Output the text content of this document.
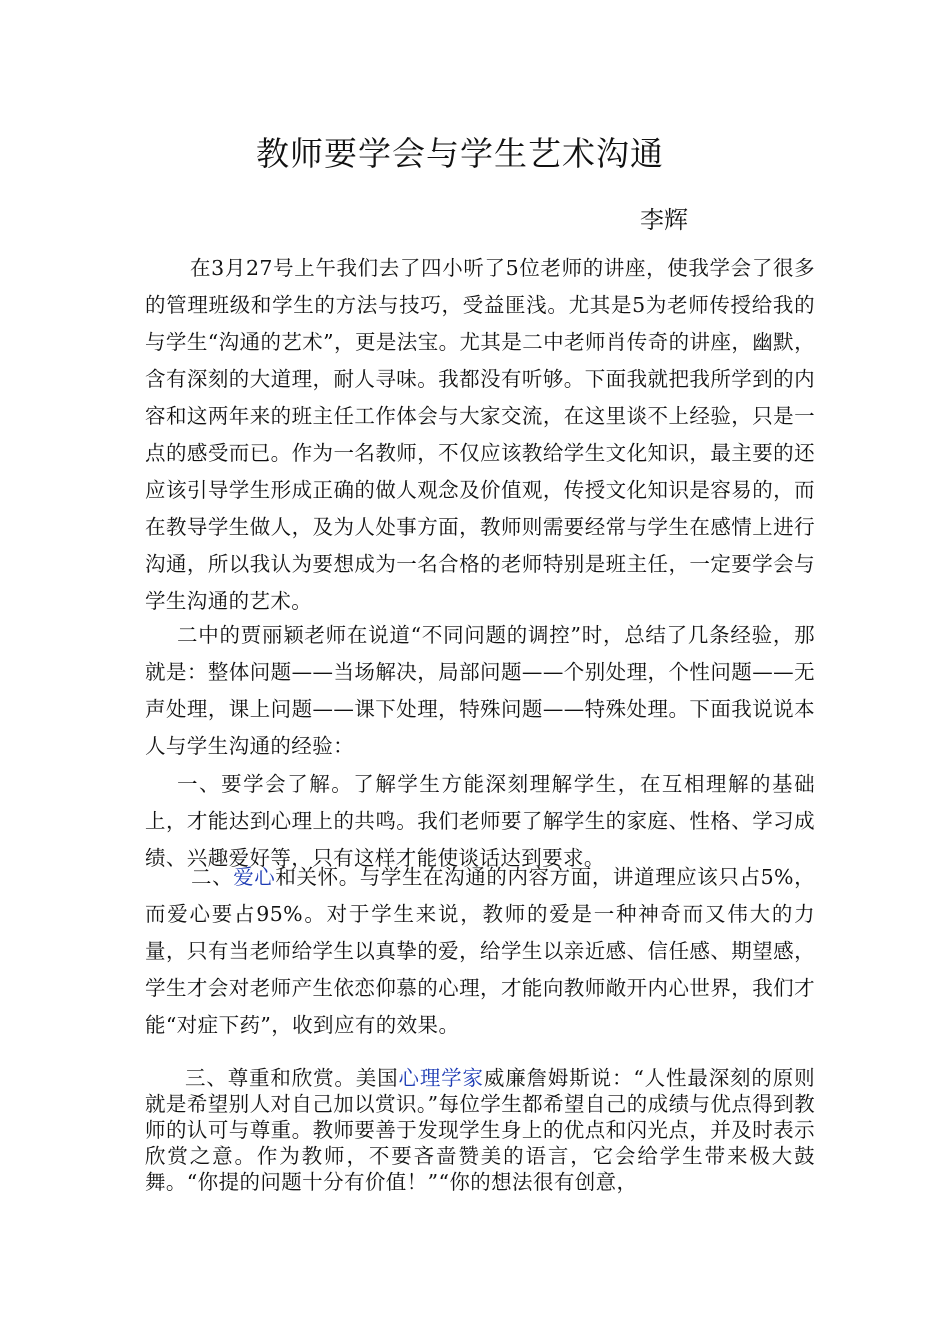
教师要学会与学生艺术沟通

李辉

在3月27号上午我们去了四小听了5位老师的讲座，使我学会了很多的管理班级和学生的方法与技巧，受益匪浅。尤其是5为老师传授给我的与学生“沟通的艺术”，更是法宝。尤其是二中老师肖传奇的讲座，幽默，含有深刻的大道理，耐人寻味。我都没有听够。下面我就把我所学到的内容和这两年来的班主任工作体会与大家交流，在这里谈不上经验，只是一点的感受而已。作为一名教师，不仅应该教给学生文化知识，最主要的还应该引导学生形成正确的做人观念及价值观，传授文化知识是容易的，而在教导学生做人，及为人处事方面，教师则需要经常与学生在感情上进行沟通，所以我认为要想成为一名合格的老师特别是班主任，一定要学会与学生沟通的艺术。

二中的贾丽颖老师在说道“不同问题的调控”时，总结了几条经验，那就是：整体问题——当场解决，局部问题——个别处理，个性问题——无声处理，课上问题——课下处理，特殊问题——特殊处理。下面我说说本人与学生沟通的经验：

一、要学会了解。了解学生方能深刻理解学生，在互相理解的基础上，才能达到心理上的共鸣。我们老师要了解学生的家庭、性格、学习成绩、兴趣爱好等，只有这样才能使谈话达到要求。

二、爱心和关怀。与学生在沟通的内容方面，讲道理应该只占5%，而爱心要占95%。对于学生来说，教师的爱是一种神奇而又伟大的力量，只有当老师给学生以真挚的爱，给学生以亲近感、信任感、期望感，学生才会对老师产生依恋仰慕的心理，才能向教师敞开内心世界，我们才能“对症下药”，收到应有的效果。

三、尊重和欣赏。美国心理学家威廉詹姆斯说：“人性最深刻的原则就是希望别人对自己加以赏识。”每位学生都希望自己的成绩与优点得到教师的认可与尊重。教师要善于发现学生身上的优点和闪光点，并及时表示欣赏之意。作为教师，不要吝啬赞美的语言，它会给学生带来极大鼓舞。“你提的问题十分有价值！”“你的想法很有创意，
